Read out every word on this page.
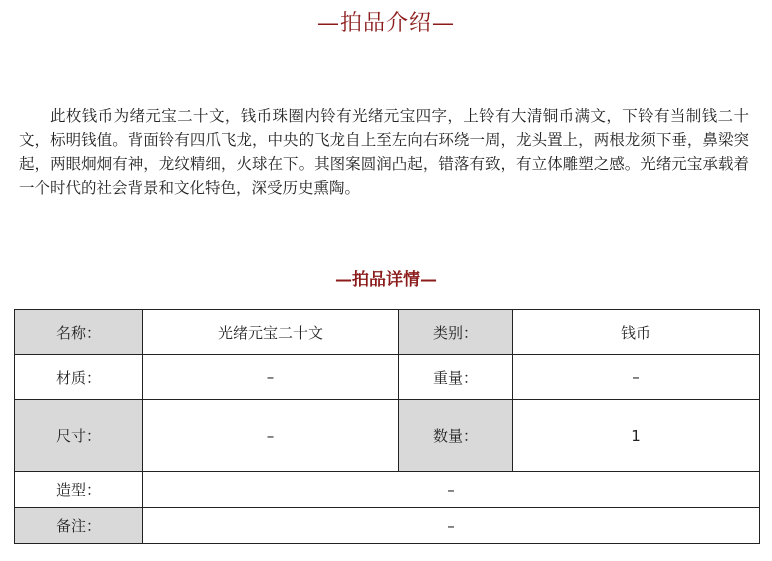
—拍品介绍—

此枚钱币为绪元宝二十文，钱币珠圈内铃有光绪元宝四字，上铃有大清铜币满文，下铃有当制钱二十文，标明钱值。背面铃有四爪飞龙，中央的飞龙自上至左向右环绕一周，龙头置上，两根龙须下垂，鼻梁突起，两眼炯炯有神，龙纹精细，火球在下。其图案圆润凸起，错落有致，有立体雕塑之感。光绪元宝承载着一个时代的社会背景和文化特色，深受历史熏陶。

—拍品详情—
名称：	光绪元宝二十文	类别：	钱币
材质：	–	重量：	–
尺寸：	–	数量：	1
造型：	–		
备注：	–		
